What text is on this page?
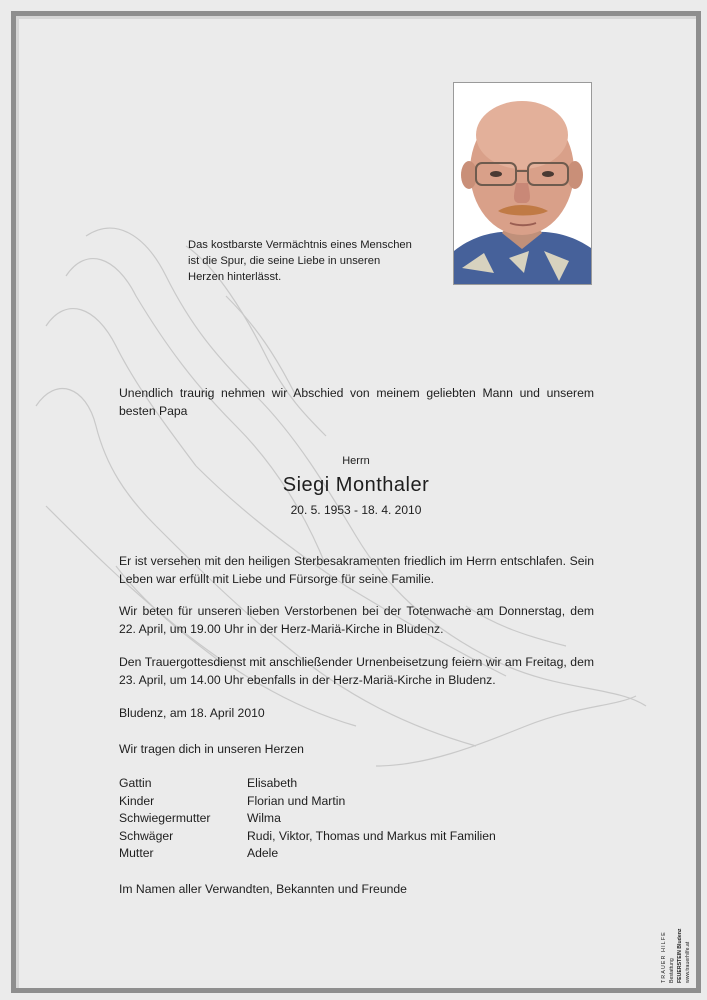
Das kostbarste Vermächtnis eines Menschen
ist die Spur, die seine Liebe in unseren
Herzen hinterlässt.
Unendlich traurig nehmen wir Abschied von meinem geliebten Mann und unserem besten Papa
Herrn
Siegi Monthaler
20. 5. 1953 - 18. 4. 2010
Er ist versehen mit den heiligen Sterbesakramenten friedlich im Herrn entschlafen. Sein Leben war erfüllt mit Liebe und Fürsorge für seine Familie.
Wir beten für unseren lieben Verstorbenen bei der Totenwache am Donnerstag, dem 22. April, um 19.00 Uhr in der Herz-Mariä-Kirche in Bludenz.
Den Trauergottesdienst mit anschließender Urnenbeisetzung feiern wir am Freitag, dem 23. April, um 14.00 Uhr ebenfalls in der Herz-Mariä-Kirche in Bludenz.
Bludenz, am 18. April 2010
Wir tragen dich in unseren Herzen
Gattin	Elisabeth
Kinder	Florian und Martin
Schwiegermutter	Wilma
Schwäger	Rudi, Viktor, Thomas und Markus mit Familien
Mutter	Adele
Im Namen aller Verwandten, Bekannten und Freunde
TRAUER HILFE Bestattung FEUERSTEIN Bludenz www.trauerhilfe.at
